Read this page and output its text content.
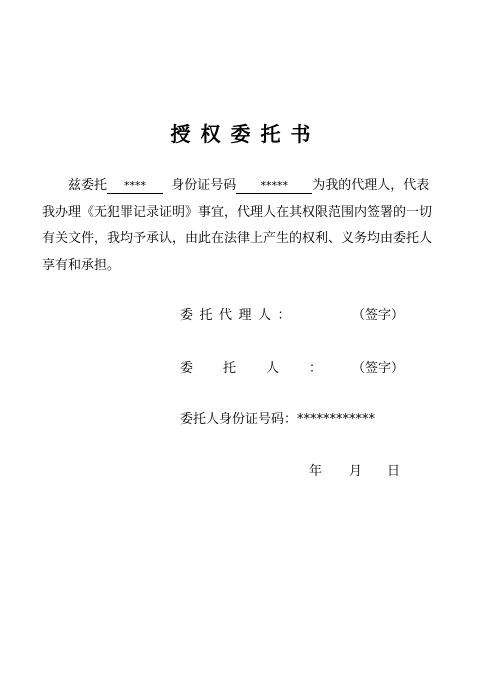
授权委托书
兹委托 **** 身份证号码 ***** 为我的代理人，代表
我办理《无犯罪记录证明》事宜，代理人在其权限范围内签署的一切
有关文件，我均予承认，由此在法律上产生的权利、义务均由委托人
享有和承担。
委托代理人：	（签字）
委托人： （签字）
委托人身份证号码：************
年 月 日
